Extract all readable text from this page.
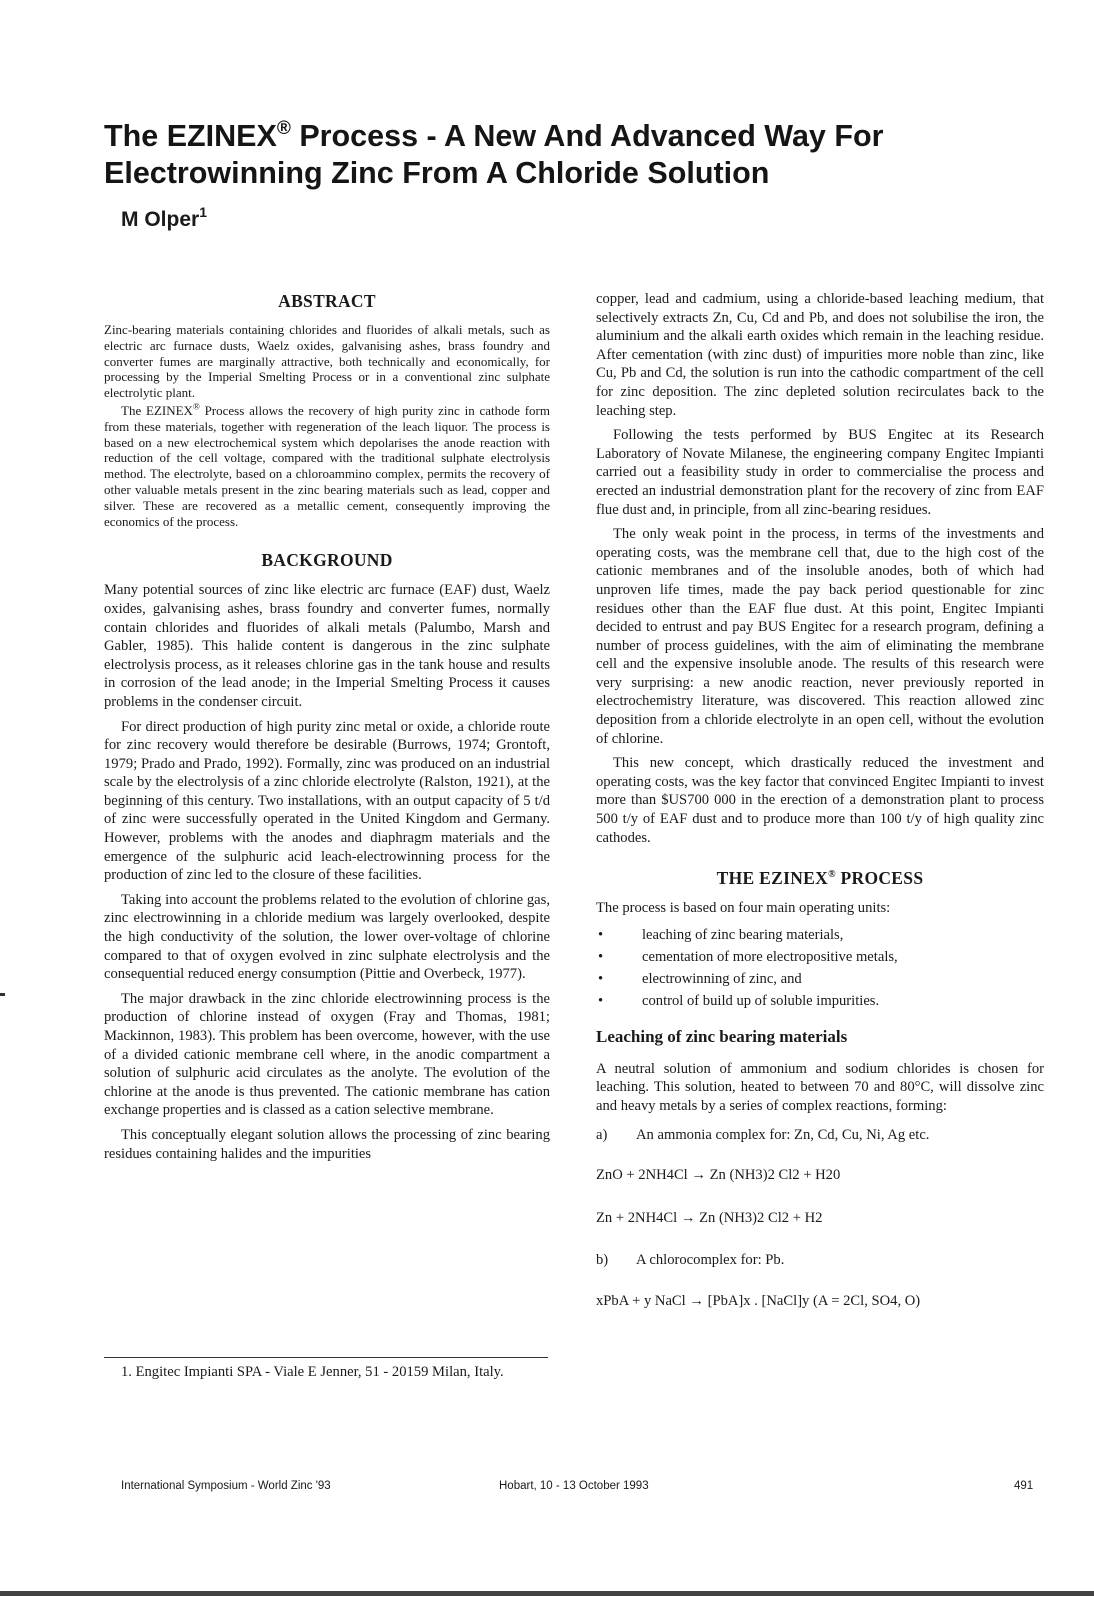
The EZINEX® Process - A New And Advanced Way For
Electrowinning Zinc From A Chloride Solution

M Olper$^1$

ABSTRACT

Zinc-bearing materials containing chlorides and fluorides of alkali metals, such as electric arc furnace dusts, Waelz oxides, galvanising ashes, brass foundry and converter fumes are marginally attractive, both technically and economically, for processing by the Imperial Smelting Process or in a conventional zinc sulphate electrolytic plant.

The EZINEX® Process allows the recovery of high purity zinc in cathode form from these materials, together with regeneration of the leach liquor. The process is based on a new electrochemical system which depolarises the anode reaction with reduction of the cell voltage, compared with the traditional sulphate electrolysis method. The electrolyte, based on a chloroammino complex, permits the recovery of other valuable metals present in the zinc bearing materials such as lead, copper and silver. These are recovered as a metallic cement, consequently improving the economics of the process.

BACKGROUND

Many potential sources of zinc like electric arc furnace (EAF) dust, Waelz oxides, galvanising ashes, brass foundry and converter fumes, normally contain chlorides and fluorides of alkali metals (Palumbo, Marsh and Gabler, 1985). This halide content is dangerous in the zinc sulphate electrolysis process, as it releases chlorine gas in the tank house and results in corrosion of the lead anode; in the Imperial Smelting Process it causes problems in the condenser circuit.

For direct production of high purity zinc metal or oxide, a chloride route for zinc recovery would therefore be desirable (Burrows, 1974; Grontoft, 1979; Prado and Prado, 1992). Formally, zinc was produced on an industrial scale by the electrolysis of a zinc chloride electrolyte (Ralston, 1921), at the beginning of this century. Two installations, with an output capacity of 5 t/d of zinc were successfully operated in the United Kingdom and Germany. However, problems with the anodes and diaphragm materials and the emergence of the sulphuric acid leach-electrowinning process for the production of zinc led to the closure of these facilities.

Taking into account the problems related to the evolution of chlorine gas, zinc electrowinning in a chloride medium was largely overlooked, despite the high conductivity of the solution, the lower over-voltage of chlorine compared to that of oxygen evolved in zinc sulphate electrolysis and the consequential reduced energy consumption (Pittie and Overbeck, 1977).

The major drawback in the zinc chloride electrowinning process is the production of chlorine instead of oxygen (Fray and Thomas, 1981; Mackinnon, 1983). This problem has been overcome, however, with the use of a divided cationic membrane cell where, in the anodic compartment a solution of sulphuric acid circulates as the anolyte. The evolution of the chlorine at the anode is thus prevented. The cationic membrane has cation exchange properties and is classed as a cation selective membrane.

This conceptually elegant solution allows the processing of zinc bearing residues containing halides and the impurities

copper, lead and cadmium, using a chloride-based leaching medium, that selectively extracts Zn, Cu, Cd and Pb, and does not solubilise the iron, the aluminium and the alkali earth oxides which remain in the leaching residue. After cementation (with zinc dust) of impurities more noble than zinc, like Cu, Pb and Cd, the solution is run into the cathodic compartment of the cell for zinc deposition. The zinc depleted solution recirculates back to the leaching step.

Following the tests performed by BUS Engitec at its Research Laboratory of Novate Milanese, the engineering company Engitec Impianti carried out a feasibility study in order to commercialise the process and erected an industrial demonstration plant for the recovery of zinc from EAF flue dust and, in principle, from all zinc-bearing residues.

The only weak point in the process, in terms of the investments and operating costs, was the membrane cell that, due to the high cost of the cationic membranes and of the insoluble anodes, both of which had unproven life times, made the pay back period questionable for zinc residues other than the EAF flue dust. At this point, Engitec Impianti decided to entrust and pay BUS Engitec for a research program, defining a number of process guidelines, with the aim of eliminating the membrane cell and the expensive insoluble anode. The results of this research were very surprising: a new anodic reaction, never previously reported in electrochemistry literature, was discovered. This reaction allowed zinc deposition from a chloride electrolyte in an open cell, without the evolution of chlorine.

This new concept, which drastically reduced the investment and operating costs, was the key factor that convinced Engitec Impianti to invest more than $US700 000 in the erection of a demonstration plant to process 500 t/y of EAF dust and to produce more than 100 t/y of high quality zinc cathodes.

THE EZINEX® PROCESS

The process is based on four main operating units:

• leaching of zinc bearing materials,
• cementation of more electropositive metals,
• electrowinning of zinc, and
• control of build up of soluble impurities.
Leaching of zinc bearing materials

A neutral solution of ammonium and sodium chlorides is chosen for leaching. This solution, heated to between 70 and 80°C, will dissolve zinc and heavy metals by a series of complex reactions, forming:

a) An ammonia complex for: Zn, Cd, Cu, Ni, Ag etc.
ZnO + 2NH4Cl → Zn (NH3)2 Cl2 + H20
Zn + 2NH4Cl → Zn (NH3)2 Cl2 + H2
b) A chlorocomplex for: Pb.
xPbA + y NaCl → [PbA]x . [NaCl]y (A = 2Cl, SO4, O)

1. Engitec Impianti SPA - Viale E Jenner, 51 - 20159 Milan, Italy.

International Symposium - World Zinc '93	Hobart, 10 - 13 October 1993	491
